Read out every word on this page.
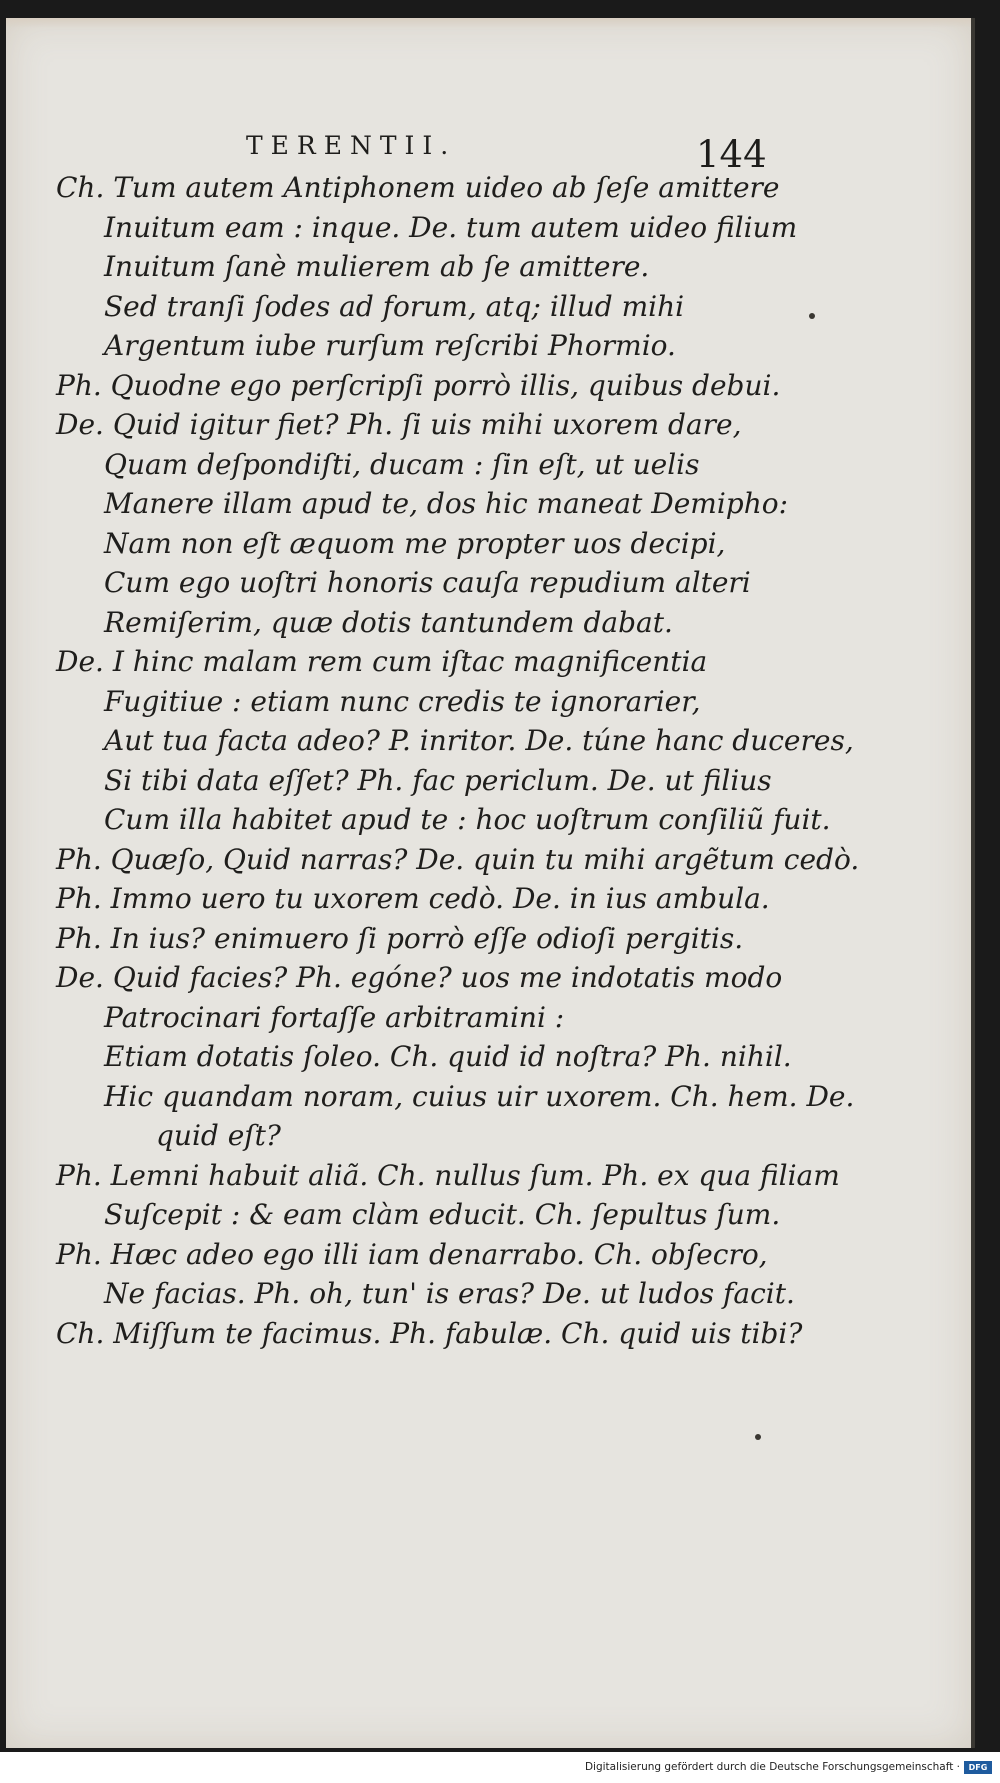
TERENTII.	144
Ch. Tum autem Antiphonem uideo ab ſeſe amittere
Inuitum eam : inque. De. tum autem uideo filium
Inuitum ſanè mulierem ab ſe amittere.
Sed tranſi ſodes ad forum, atq; illud mihi
Argentum iube rurſum reſcribi Phormio.
Ph. Quodne ego perſcripſi porrò illis, quibus debui.
De. Quid igitur fiet? Ph. ſi uis mihi uxorem dare,
Quam deſpondiſti, ducam : ſin eſt, ut uelis
Manere illam apud te, dos hic maneat Demipho:
Nam non eſt æquom me propter uos decipi,
Cum ego uoſtri honoris cauſa repudium alteri
Remiſerim, quæ dotis tantundem dabat.
De. I hinc malam rem cum iſtac magnificentia
Fugitiue : etiam nunc credis te ignorarier,
Aut tua facta adeo? P. inritor. De. túne hanc duceres,
Si tibi data eſſet? Ph. fac periclum. De. ut filius
Cum illa habitet apud te : hoc uoſtrum conſiliũ fuit.
Ph. Quæſo, Quid narras? De. quin tu mihi argẽtum cedò.
Ph. Immo uero tu uxorem cedò. De. in ius ambula.
Ph. In ius? enimuero ſi porrò eſſe odioſi pergitis.
De. Quid facies? Ph. egóne? uos me indotatis modo
Patrocinari fortaſſe arbitramini :
Etiam dotatis ſoleo. Ch. quid id noſtra? Ph. nihil.
Hic quandam noram, cuius uir uxorem. Ch. hem. De.
quid eſt?
Ph. Lemni habuit aliã. Ch. nullus ſum. Ph. ex qua filiam
Suſcepit : & eam clàm educit. Ch. ſepultus ſum.
Ph. Hæc adeo ego illi iam denarrabo. Ch. obſecro,
Ne facias. Ph. oh, tun' is eras? De. ut ludos facit.
Ch. Miſſum te facimus. Ph. fabulæ. Ch. quid uis tibi?
Digitalisierung gefördert durch die Deutsche Forschungsgemeinschaft ·	DFG
